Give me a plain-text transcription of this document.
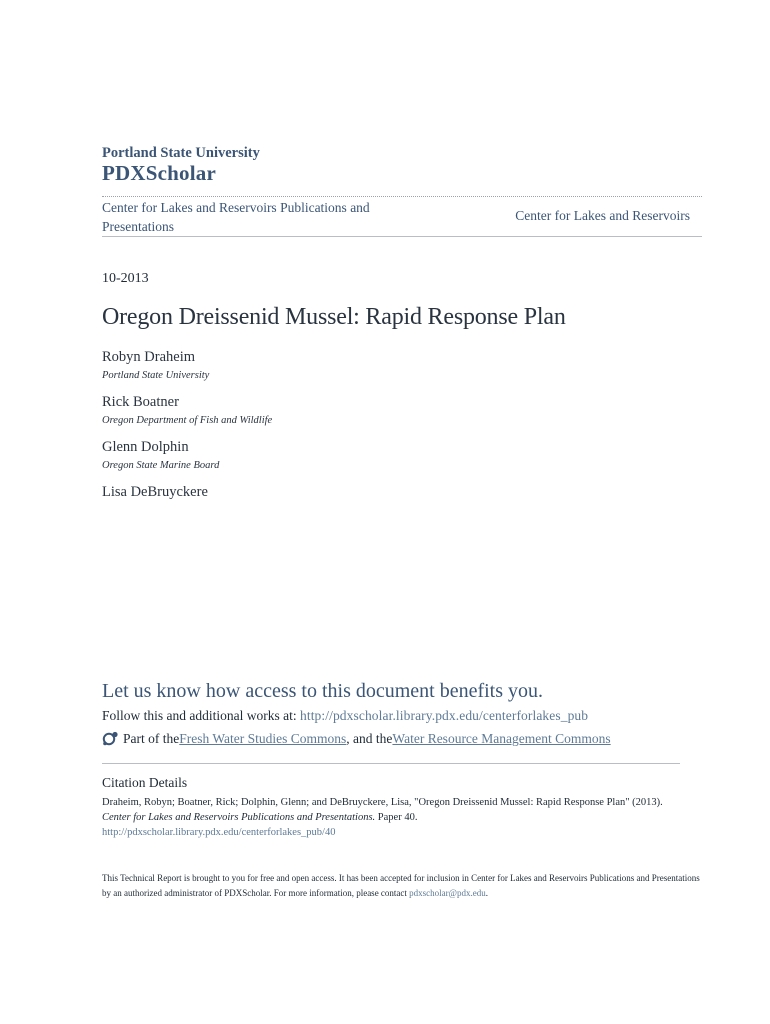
Portland State University
PDXScholar
Center for Lakes and Reservoirs Publications and Presentations
Center for Lakes and Reservoirs
10-2013
Oregon Dreissenid Mussel: Rapid Response Plan
Robyn Draheim
Portland State University
Rick Boatner
Oregon Department of Fish and Wildlife
Glenn Dolphin
Oregon State Marine Board
Lisa DeBruyckere
Let us know how access to this document benefits you.
Follow this and additional works at: http://pdxscholar.library.pdx.edu/centerforlakes_pub
Part of the Fresh Water Studies Commons , and the Water Resource Management Commons
Citation Details
Draheim, Robyn; Boatner, Rick; Dolphin, Glenn; and DeBruyckere, Lisa, "Oregon Dreissenid Mussel: Rapid Response Plan" (2013).
Center for Lakes and Reservoirs Publications and Presentations. Paper 40.
http://pdxscholar.library.pdx.edu/centerforlakes_pub/40
This Technical Report is brought to you for free and open access. It has been accepted for inclusion in Center for Lakes and Reservoirs Publications and Presentations by an authorized administrator of PDXScholar. For more information, please contact pdxscholar@pdx.edu.
